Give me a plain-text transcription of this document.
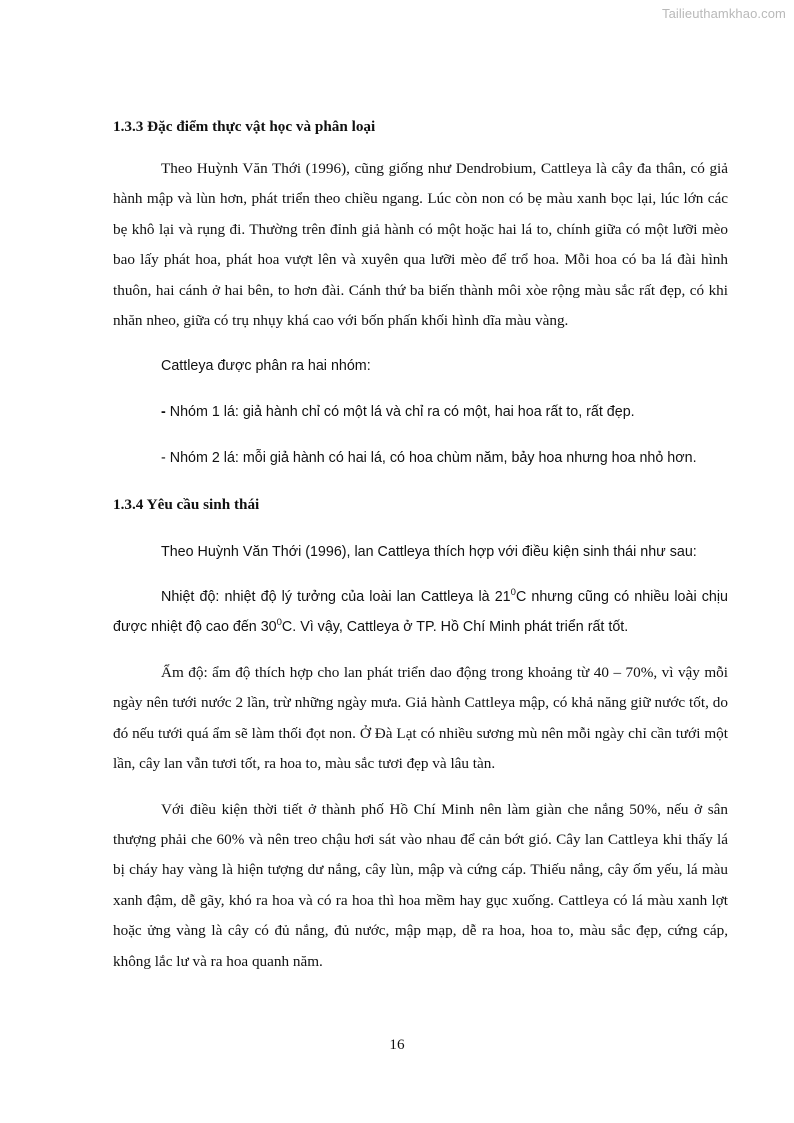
Tailieuthamkhao.com
1.3.3 Đặc điểm thực vật học và phân loại

Theo Huỳnh Văn Thới (1996), cũng giống như Dendrobium, Cattleya là cây đa thân, có giả hành mập và lùn hơn, phát triển theo chiều ngang. Lúc còn non có bẹ màu xanh bọc lại, lúc lớn các bẹ khô lại và rụng đi. Thường trên đỉnh giả hành có một hoặc hai lá to, chính giữa có một lưỡi mèo bao lấy phát hoa, phát hoa vượt lên và xuyên qua lưỡi mèo để trổ hoa. Mỗi hoa có ba lá đài hình thuôn, hai cánh ở hai bên, to hơn đài. Cánh thứ ba biến thành môi xòe rộng màu sắc rất đẹp, có khi nhăn nheo, giữa có trụ nhụy khá cao với bốn phấn khối hình dĩa màu vàng.

Cattleya được phân ra hai nhóm:

- Nhóm 1 lá: giả hành chỉ có một lá và chỉ ra có một, hai hoa rất to, rất đẹp.
- Nhóm 2 lá: mỗi giả hành có hai lá, có hoa chùm năm, bảy hoa nhưng hoa nhỏ hơn.
1.3.4 Yêu cầu sinh thái

Theo Huỳnh Văn Thới (1996), lan Cattleya thích hợp với điều kiện sinh thái như sau:

Nhiệt độ: nhiệt độ lý tưởng của loài lan Cattleya là $21^0C$ nhưng cũng có nhiều loài chịu được nhiệt độ cao đến $30^0C$. Vì vậy, Cattleya ở TP. Hồ Chí Minh phát triển rất tốt.

Ẩm độ: ẩm độ thích hợp cho lan phát triển dao động trong khoảng từ 40 – 70%, vì vậy mỗi ngày nên tưới nước 2 lần, trừ những ngày mưa. Giả hành Cattleya mập, có khả năng giữ nước tốt, do đó nếu tưới quá ẩm sẽ làm thối đọt non. Ở Đà Lạt có nhiều sương mù nên mỗi ngày chỉ cần tưới một lần, cây lan vẫn tươi tốt, ra hoa to, màu sắc tươi đẹp và lâu tàn.

Với điều kiện thời tiết ở thành phố Hồ Chí Minh nên làm giàn che nắng 50%, nếu ở sân thượng phải che 60% và nên treo chậu hơi sát vào nhau để cản bớt gió. Cây lan Cattleya khi thấy lá bị cháy hay vàng là hiện tượng dư nắng, cây lùn, mập và cứng cáp. Thiếu nắng, cây ốm yếu, lá màu xanh đậm, dễ gãy, khó ra hoa và có ra hoa thì hoa mềm hay gục xuống. Cattleya có lá màu xanh lợt hoặc ửng vàng là cây có đủ nắng, đủ nước, mập mạp, dễ ra hoa, hoa to, màu sắc đẹp, cứng cáp, không lắc lư và ra hoa quanh năm.

16
